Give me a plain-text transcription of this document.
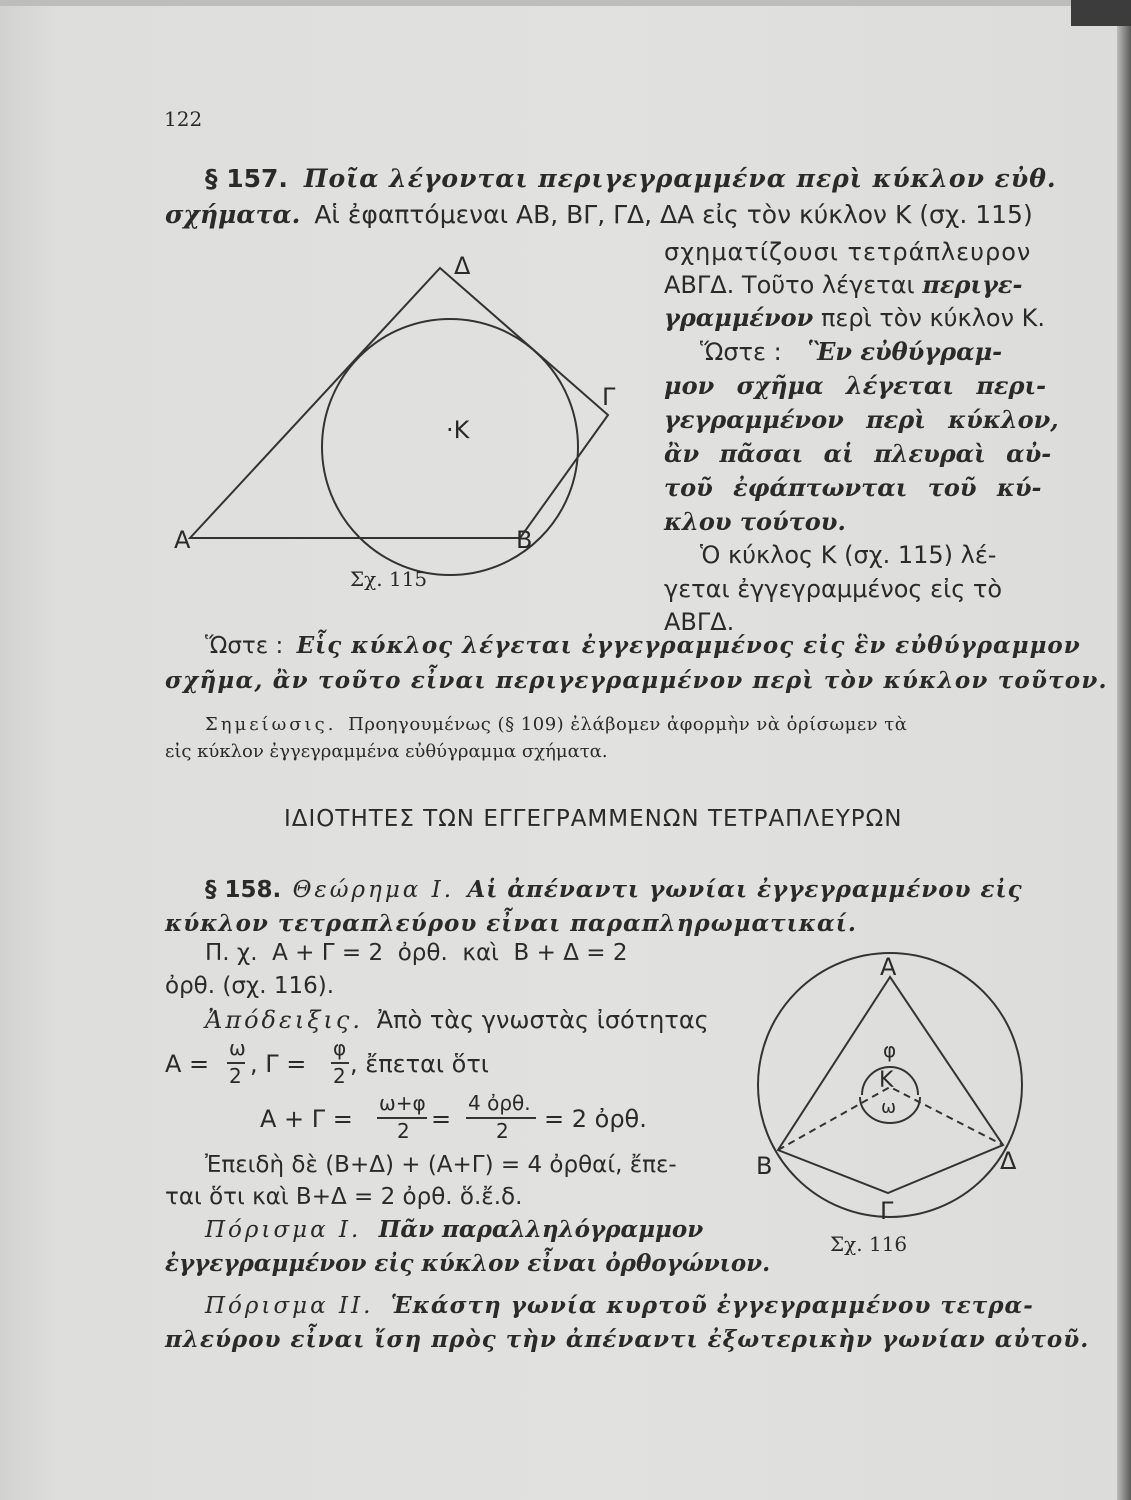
122
§ 157. Ποῖα λέγονται περιγεγραμμένα περὶ κύκλον εὐθ.
σχήματα. Αἱ ἐφαπτόμεναι ΑΒ, ΒΓ, ΓΔ, ΔΑ εἰς τὸν κύκλον Κ (σχ. 115)
σχηματίζουσι τετράπλευρον
ΑΒΓΔ. Τοῦτο λέγεται περιγε-
γραμμένον περὶ τὸν κύκλον Κ.
Ὥστε : Ἓν εὐθύγραμ-
μον σχῆμα λέγεται περι-
γεγραμμένον περὶ κύκλον,
ἂν πᾶσαι αἱ πλευραὶ αὐ-
τοῦ ἐφάπτωνται τοῦ κύ-
κλου τούτου.
Ὁ κύκλος Κ (σχ. 115) λέ-
γεται ἐγγεγραμμένος εἰς τὸ
ΑΒΓΔ.
Α	Β
Γ
Δ
·Κ
Σχ. 115
Ὥστε : Εἷς κύκλος λέγεται ἐγγεγραμμένος εἰς ἓν εὐθύγραμμον
σχῆμα, ἂν τοῦτο εἶναι περιγεγραμμένον περὶ τὸν κύκλον τοῦτον.
Σημείωσις. Προηγουμένως (§ 109) ἐλάβομεν ἀφορμὴν νὰ ὁρίσωμεν τὰ
εἰς κύκλον ἐγγεγραμμένα εὐθύγραμμα σχήματα.
ΙΔΙΟΤΗΤΕΣ ΤΩΝ ΕΓΓΕΓΡΑΜΜΕΝΩΝ ΤΕΤΡΑΠΛΕΥΡΩΝ
§ 158. Θεώρημα Ι. Αἱ ἀπέναντι γωνίαι ἐγγεγραμμένου εἰς
κύκλον τετραπλεύρου εἶναι παραπληρωματικαί.
Π. χ.  Α + Γ = 2  ὀρθ.  καὶ  Β + Δ = 2
ὀρθ. (σχ. 116).
Ἀπόδειξις. Ἀπὸ τὰς γνωστὰς ἰσότητας
Α =
ω
2 , Γ =
φ
2 , ἔπεται ὅτι
Α + Γ =
ω+φ
2 =
4 ὀρθ.
2 = 2 ὀρθ.
Ἐπειδὴ δὲ (Β+Δ) + (Α+Γ) = 4 ὀρθαί, ἔπε-
ται ὅτι καὶ Β+Δ = 2 ὀρθ. ὅ.ἔ.δ.
Πόρισμα Ι. Πᾶν παραλληλόγραμμον
ἐγγεγραμμένον εἰς κύκλον εἶναι ὀρθογώνιον.
Πόρισμα ΙΙ. Ἑκάστη γωνία κυρτοῦ ἐγγεγραμμένου τετρα-
πλεύρου εἶναι ἴση πρὸς τὴν ἀπέναντι ἐξωτερικὴν γωνίαν αὐτοῦ.
Α
Β
Γ
Δ
Κ
φ
ω
Σχ. 116
